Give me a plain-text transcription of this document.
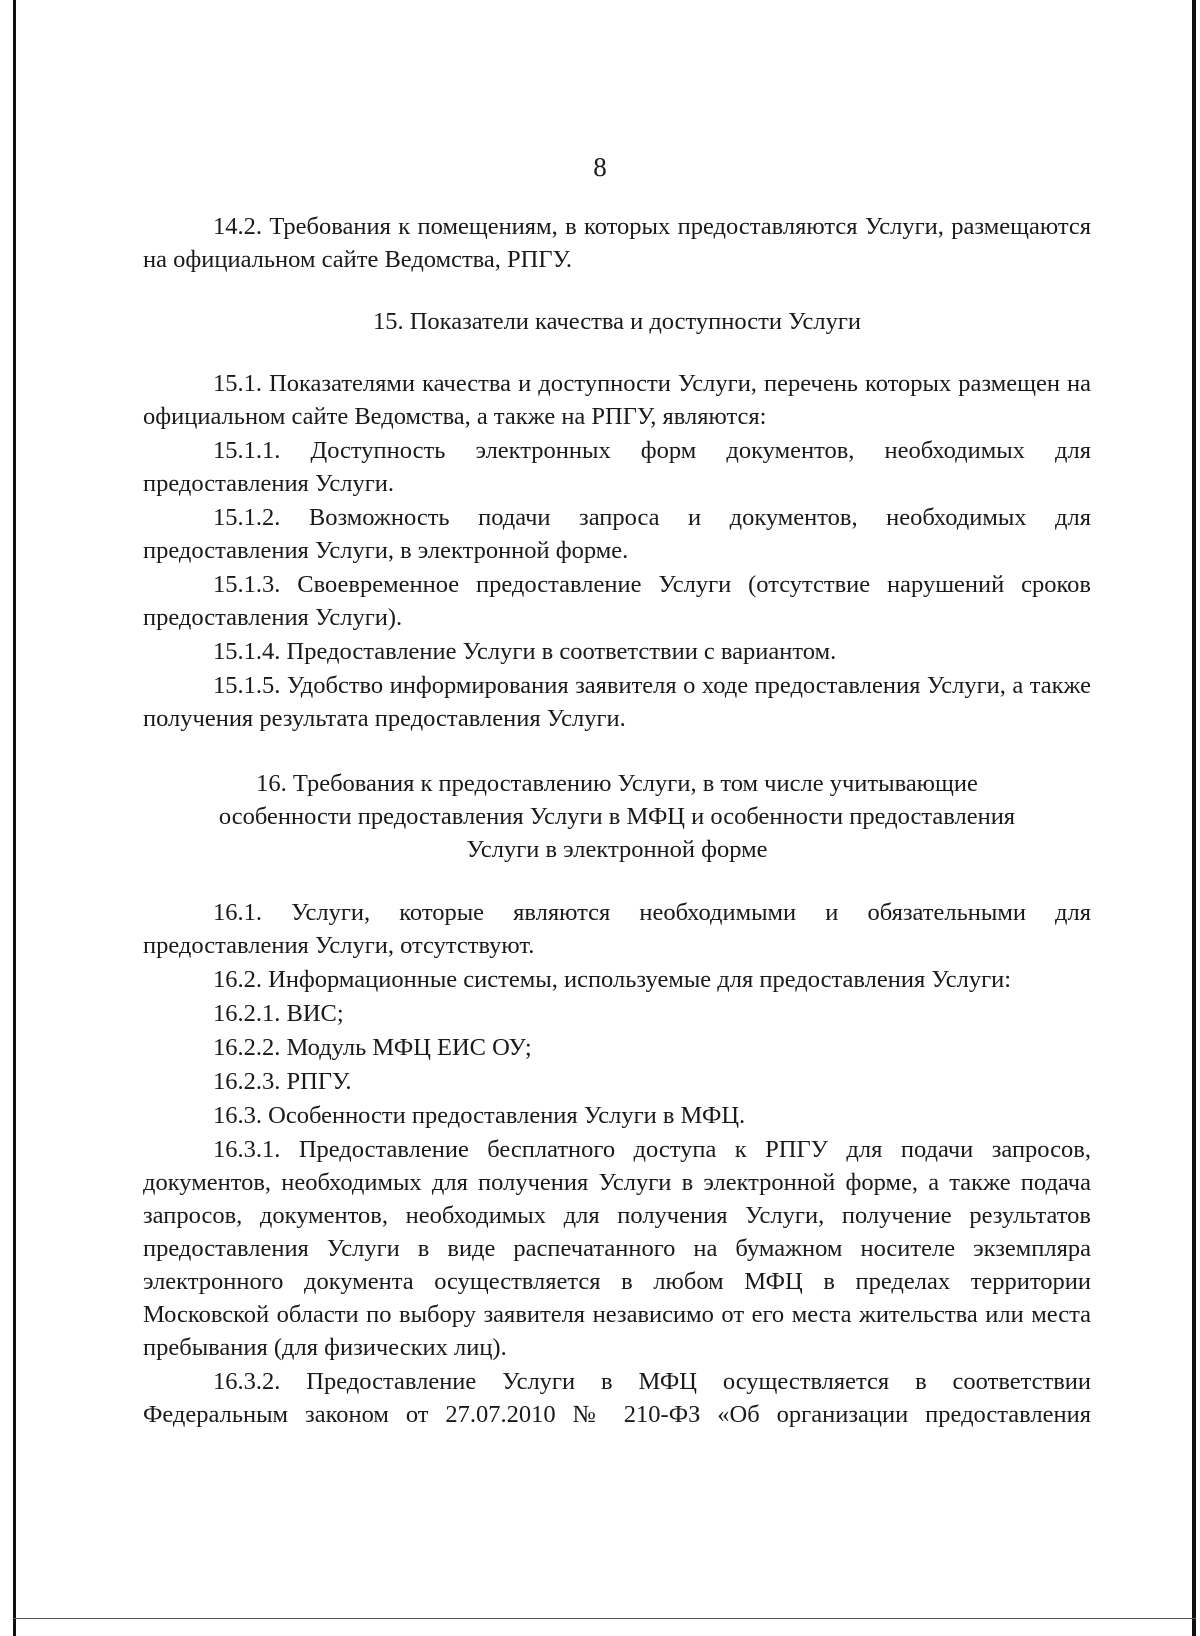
8

14.2. Требования к помещениям, в которых предоставляются Услуги, размещаются на официальном сайте Ведомства, РПГУ.

15. Показатели качества и доступности Услуги

15.1. Показателями качества и доступности Услуги, перечень которых размещен на официальном сайте Ведомства, а также на РПГУ, являются:

15.1.1. Доступность электронных форм документов, необходимых для предоставления Услуги.

15.1.2. Возможность подачи запроса и документов, необходимых для предоставления Услуги, в электронной форме.

15.1.3. Своевременное предоставление Услуги (отсутствие нарушений сроков предоставления Услуги).

15.1.4. Предоставление Услуги в соответствии с вариантом.

15.1.5. Удобство информирования заявителя о ходе предоставления Услуги, а также получения результата предоставления Услуги.

16. Требования к предоставлению Услуги, в том числе учитывающие
особенности предоставления Услуги в МФЦ и особенности предоставления
Услуги в электронной форме

16.1. Услуги, которые являются необходимыми и обязательными для предоставления Услуги, отсутствуют.

16.2. Информационные системы, используемые для предоставления Услуги:

16.2.1. ВИС;

16.2.2. Модуль МФЦ ЕИС ОУ;

16.2.3. РПГУ.

16.3. Особенности предоставления Услуги в МФЦ.

16.3.1. Предоставление бесплатного доступа к РПГУ для подачи запросов, документов, необходимых для получения Услуги в электронной форме, а также подача запросов, документов, необходимых для получения Услуги, получение результатов предоставления Услуги в виде распечатанного на бумажном носителе экземпляра электронного документа осуществляется в любом МФЦ в пределах территории Московской области по выбору заявителя независимо от его места жительства или места пребывания (для физических лиц).

16.3.2. Предоставление Услуги в МФЦ осуществляется в соответствии Федеральным законом от 27.07.2010 № 210-ФЗ «Об организации предоставления
